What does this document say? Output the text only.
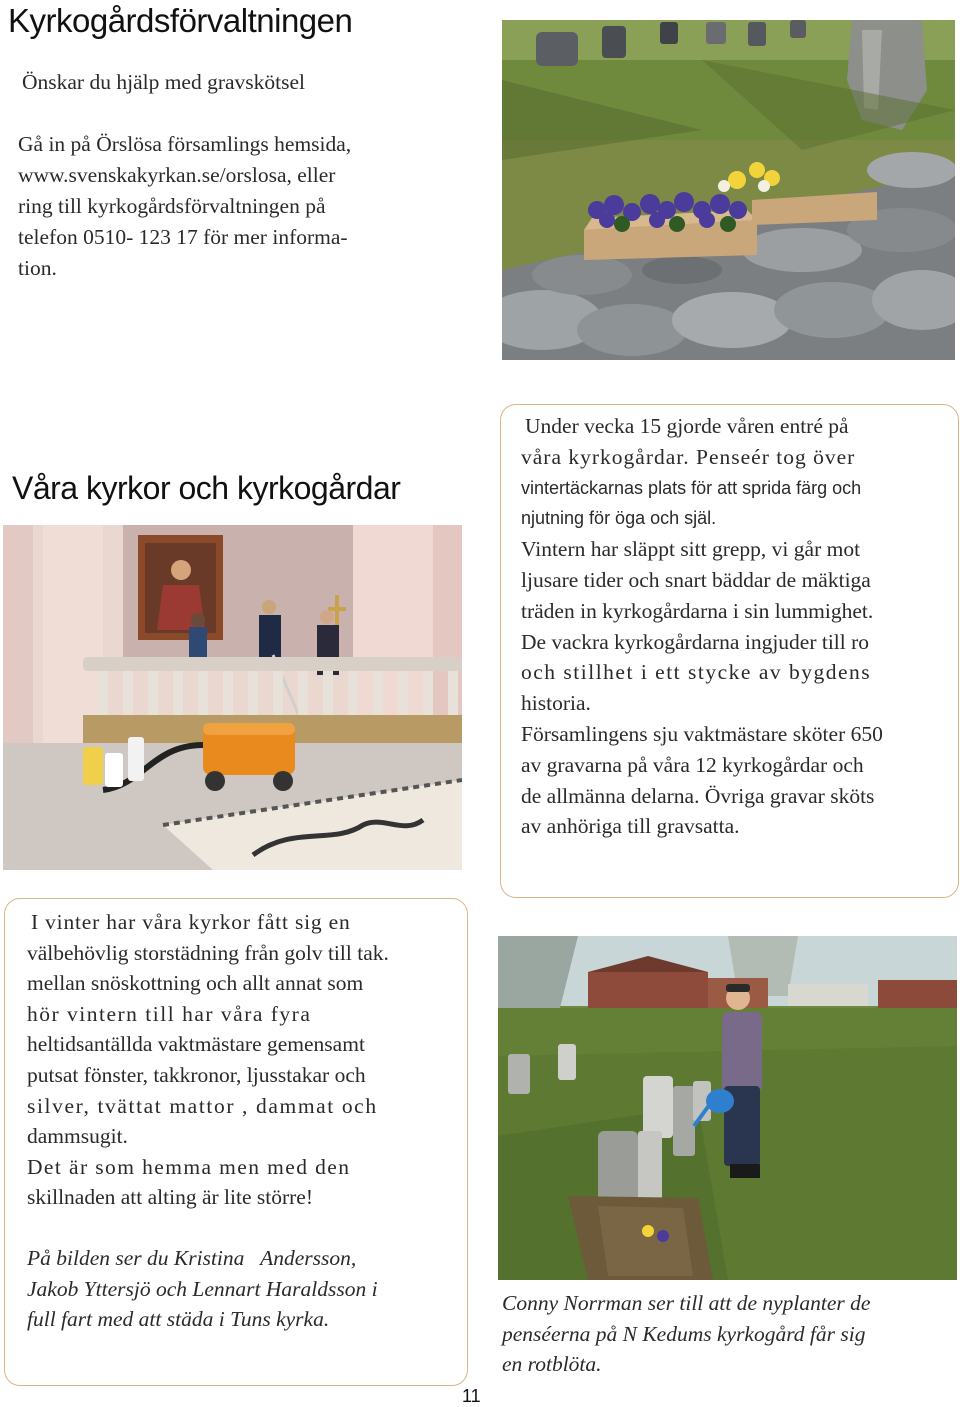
Kyrkogårdsförvaltningen
Önskar du hjälp med gravskötsel

Gå in på Örslösa församlings hemsida,

www.svenskakyrkan.se/orslosa, eller

ring till kyrkogårdsförvaltningen på

telefon 0510- 123 17 för mer informa-

tion.

Våra kyrkor och kyrkogårdar

Under vecka 15 gjorde våren entré på

våra kyrkogårdar. Penseér tog över

vintertäckarnas plats för att sprida färg och

njutning för öga och själ.

Vintern har släppt sitt grepp, vi går mot

ljusare tider och snart bäddar de mäktiga

träden in kyrkogårdarna i sin lummighet.

De vackra kyrkogårdarna ingjuder till ro

och stillhet i ett stycke av bygdens

historia.

Församlingens sju vaktmästare sköter 650

av gravarna på våra 12 kyrkogårdar och

de allmänna delarna. Övriga gravar sköts

av anhöriga till gravsatta.

I vinter har våra kyrkor fått sig en

välbehövlig storstädning från golv till tak.

mellan snöskottning och allt annat som

hör vintern till har våra fyra

heltidsantällda vaktmästare gemensamt

putsat fönster, takkronor, ljusstakar och

silver, tvättat mattor , dammat och

dammsugit.

Det är som hemma men med den

skillnaden att alting är lite större!

På bilden ser du Kristina   Andersson,

Jakob Yttersjö och Lennart Haraldsson i

full fart med att städa i Tuns kyrka.

Conny Norrman ser till att de nyplanter de

penséerna på N Kedums kyrkogård får sig

en rotblöta.

11
